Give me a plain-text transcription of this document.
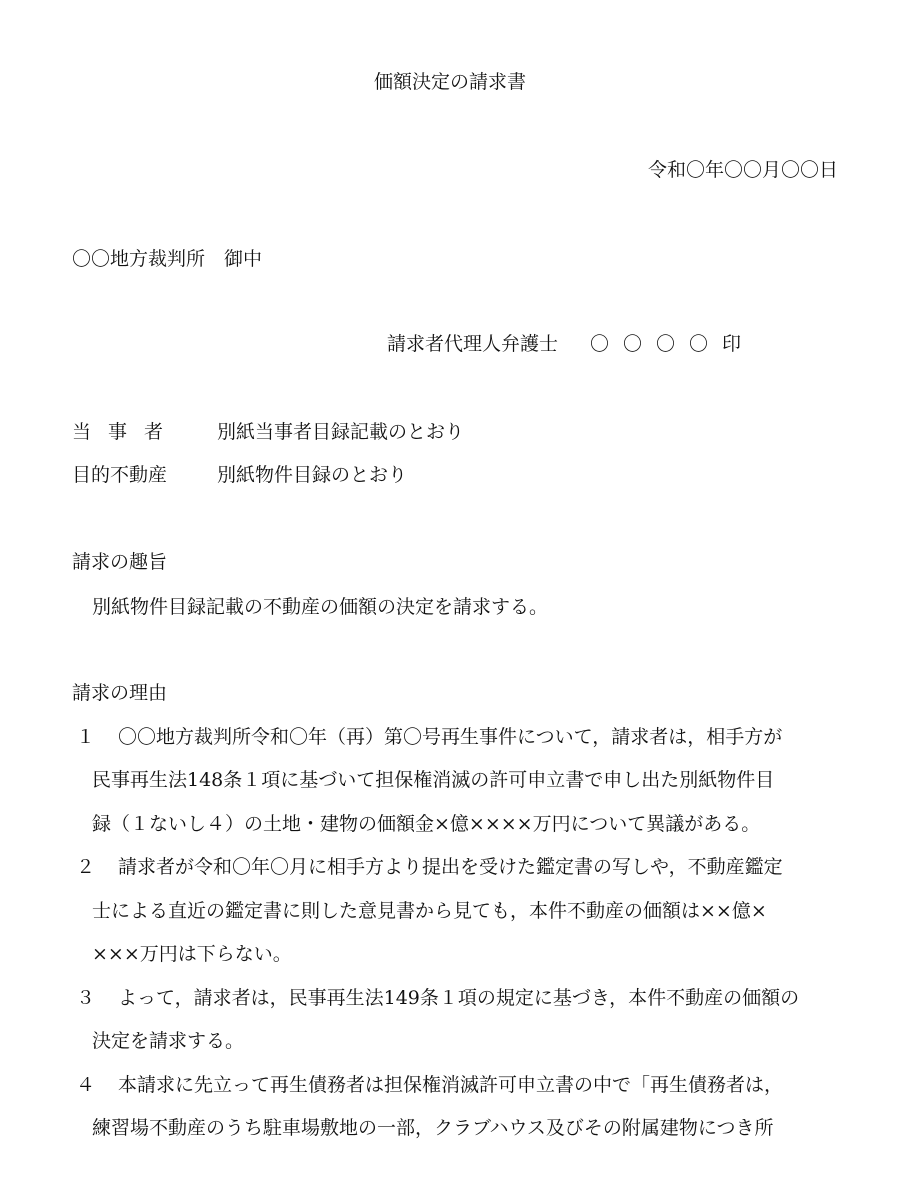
価額決定の請求書
令和〇年〇〇月〇〇日
〇〇地方裁判所　御中
請求者代理人弁護士 〇〇〇〇印
当事者 別紙当事者目録記載のとおり
目的不動産	別紙物件目録のとおり
請求の趣旨
別紙物件目録記載の不動産の価額の決定を請求する。
請求の理由
１ 〇〇地方裁判所令和〇年（再）第〇号再生事件について，請求者は，相手方が
民事再生法148条１項に基づいて担保権消滅の許可申立書で申し出た別紙物件目
録（１ないし４）の土地・建物の価額金×億××××万円について異議がある。
２ 請求者が令和〇年〇月に相手方より提出を受けた鑑定書の写しや，不動産鑑定
士による直近の鑑定書に則した意見書から見ても，本件不動産の価額は××億×
×××万円は下らない。
３ よって，請求者は，民事再生法149条１項の規定に基づき，本件不動産の価額の
決定を請求する。
４ 本請求に先立って再生債務者は担保権消滅許可申立書の中で「再生債務者は，
練習場不動産のうち駐車場敷地の一部，クラブハウス及びその附属建物につき所
